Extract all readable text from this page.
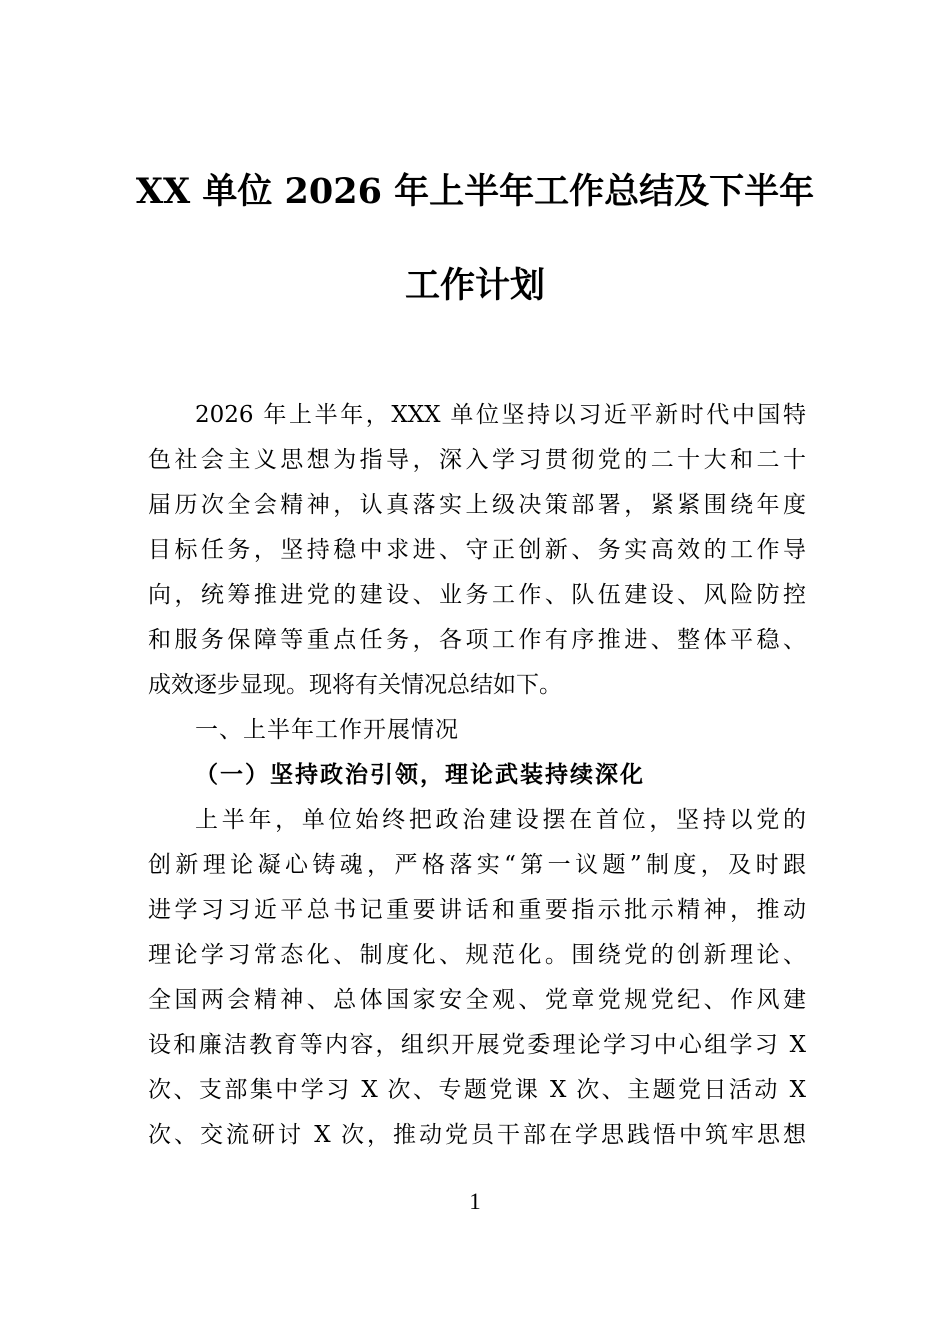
XX 单位 2026 年上半年工作总结及下半年
工作计划
2026 年上半年，XXX 单位坚持以习近平新时代中国特
色社会主义思想为指导，深入学习贯彻党的二十大和二十
届历次全会精神，认真落实上级决策部署，紧紧围绕年度
目标任务，坚持稳中求进、守正创新、务实高效的工作导
向，统筹推进党的建设、业务工作、队伍建设、风险防控
和服务保障等重点任务，各项工作有序推进、整体平稳、
成效逐步显现。现将有关情况总结如下。
一、上半年工作开展情况
（一）坚持政治引领，理论武装持续深化
上半年，单位始终把政治建设摆在首位，坚持以党的
创新理论凝心铸魂，严格落实“第一议题”制度，及时跟
进学习习近平总书记重要讲话和重要指示批示精神，推动
理论学习常态化、制度化、规范化。围绕党的创新理论、
全国两会精神、总体国家安全观、党章党规党纪、作风建
设和廉洁教育等内容，组织开展党委理论学习中心组学习 X
次、支部集中学习 X 次、专题党课 X 次、主题党日活动 X
次、交流研讨 X 次，推动党员干部在学思践悟中筑牢思想
1
